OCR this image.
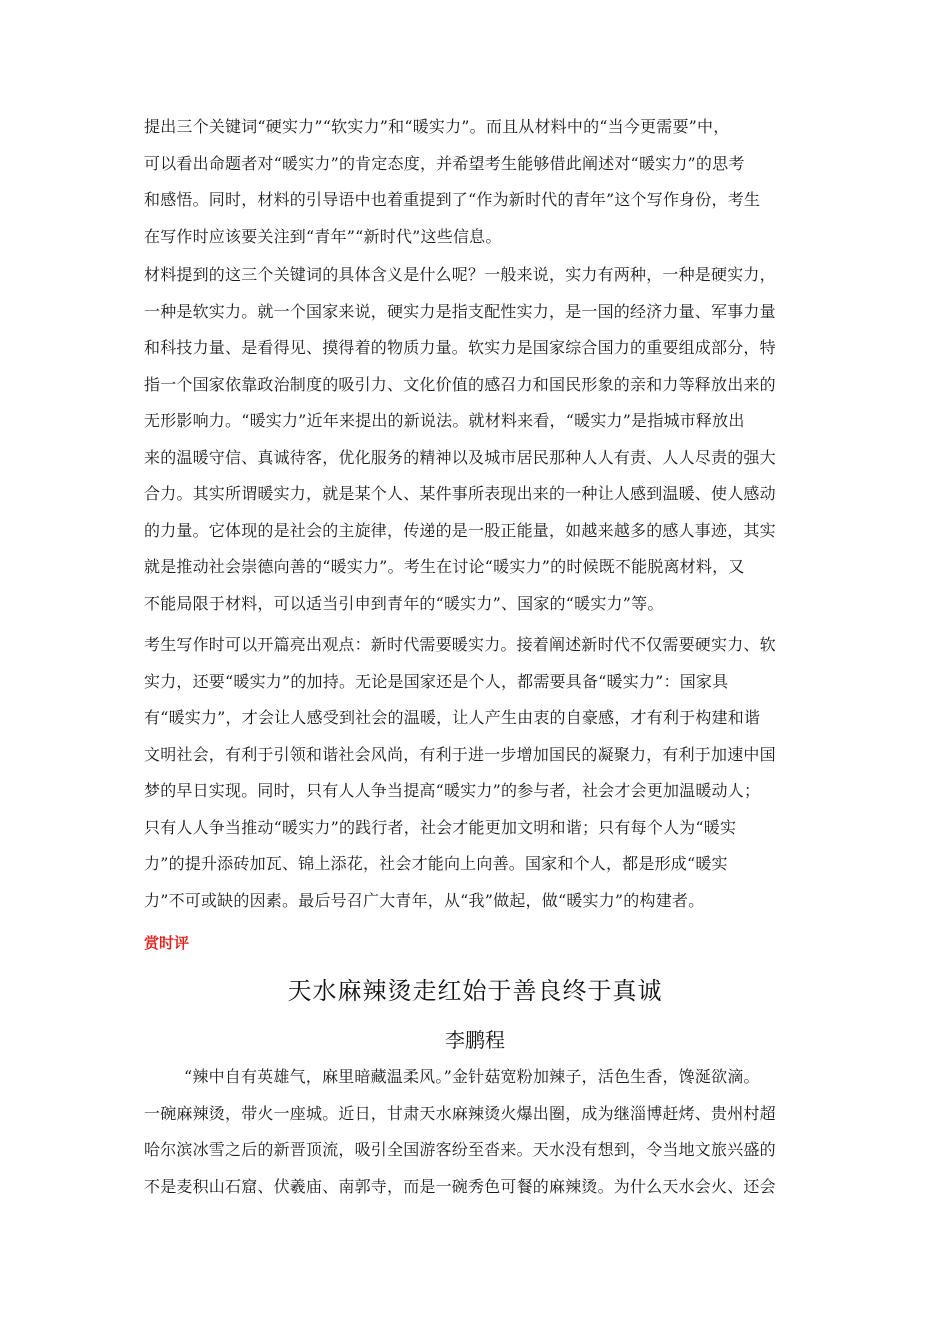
提出三个关键词“硬实力”“软实力”和“暖实力”。而且从材料中的“当今更需要”中，
可以看出命题者对“暖实力”的肯定态度，并希望考生能够借此阐述对“暖实力”的思考
和感悟。同时，材料的引导语中也着重提到了“作为新时代的青年”这个写作身份，考生
在写作时应该要关注到“青年”“新时代”这些信息。
材料提到的这三个关键词的具体含义是什么呢？一般来说，实力有两种，一种是硬实力，
一种是软实力。就一个国家来说，硬实力是指支配性实力，是一国的经济力量、军事力量
和科技力量、是看得见、摸得着的物质力量。软实力是国家综合国力的重要组成部分，特
指一个国家依靠政治制度的吸引力、文化价值的感召力和国民形象的亲和力等释放出来的
无形影响力。“暖实力”近年来提出的新说法。就材料来看，“暖实力”是指城市释放出
来的温暖守信、真诚待客，优化服务的精神以及城市居民那种人人有责、人人尽责的强大
合力。其实所谓暖实力，就是某个人、某件事所表现出来的一种让人感到温暖、使人感动
的力量。它体现的是社会的主旋律，传递的是一股正能量，如越来越多的感人事迹，其实
就是推动社会崇德向善的“暖实力”。考生在讨论“暖实力”的时候既不能脱离材料，又
不能局限于材料，可以适当引申到青年的“暖实力”、国家的“暖实力”等。
考生写作时可以开篇亮出观点：新时代需要暖实力。接着阐述新时代不仅需要硬实力、软
实力，还要“暖实力”的加持。无论是国家还是个人，都需要具备“暖实力”：国家具
有“暖实力”，才会让人感受到社会的温暖，让人产生由衷的自豪感，才有利于构建和谐
文明社会，有利于引领和谐社会风尚，有利于进一步增加国民的凝聚力，有利于加速中国
梦的早日实现。同时，只有人人争当提高“暖实力”的参与者，社会才会更加温暖动人；
只有人人争当推动“暖实力”的践行者，社会才能更加文明和谐；只有每个人为“暖实
力”的提升添砖加瓦、锦上添花，社会才能向上向善。国家和个人，都是形成“暖实
力”不可或缺的因素。最后号召广大青年，从“我”做起，做“暖实力”的构建者。

赏时评

天水麻辣烫走红始于善良终于真诚

李鹏程

“辣中自有英雄气，麻里暗藏温柔风。”金针菇宽粉加辣子，活色生香，馋涎欲滴。
一碗麻辣烫，带火一座城。近日，甘肃天水麻辣烫火爆出圈，成为继淄博赶烤、贵州村超
哈尔滨冰雪之后的新晋顶流，吸引全国游客纷至沓来。天水没有想到，令当地文旅兴盛的
不是麦积山石窟、伏羲庙、南郭寺，而是一碗秀色可餐的麻辣烫。为什么天水会火、还会
